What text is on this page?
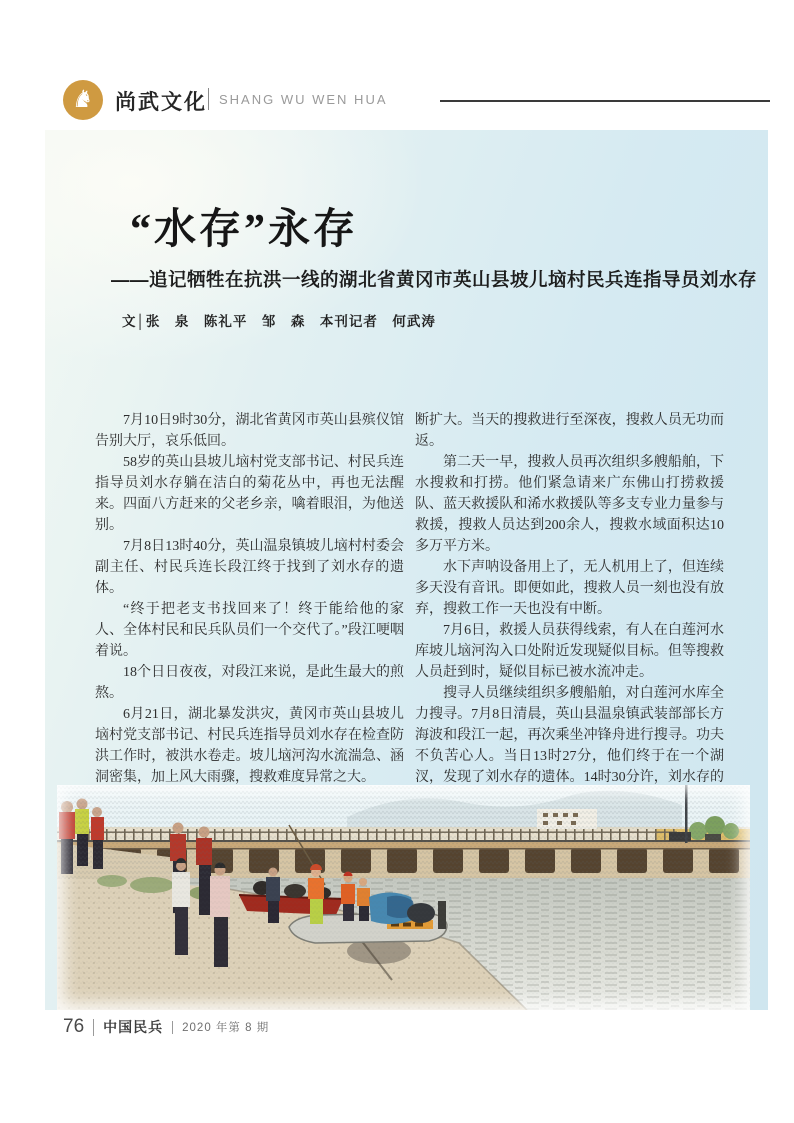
♞ 尚武文化 SHANG WU WEN HUA
“水存”永存
——追记牺牲在抗洪一线的湖北省黄冈市英山县坡儿垴村民兵连指导员刘水存
文│张　泉　陈礼平　邹　森　本刊记者　何武涛

7月10日9时30分，湖北省黄冈市英山县殡仪馆告别大厅，哀乐低回。

58岁的英山县坡儿垴村党支部书记、村民兵连指导员刘水存躺在洁白的菊花丛中，再也无法醒来。四面八方赶来的父老乡亲，噙着眼泪，为他送别。

7月8日13时40分，英山温泉镇坡儿垴村村委会副主任、村民兵连长段江终于找到了刘水存的遗体。

“终于把老支书找回来了！终于能给他的家人、全体村民和民兵队员们一个交代了。”段江哽咽着说。

18个日日夜夜，对段江来说，是此生最大的煎熬。

6月21日，湖北暴发洪灾，黄冈市英山县坡儿垴村党支部书记、村民兵连指导员刘水存在检查防洪工作时，被洪水卷走。坡儿垴河沟水流湍急、涵洞密集，加上风大雨骤，搜救难度异常之大。

断扩大。当天的搜救进行至深夜，搜救人员无功而返。

第二天一早，搜救人员再次组织多艘船舶，下水搜救和打捞。他们紧急请来广东佛山打捞救援队、蓝天救援队和浠水救援队等多支专业力量参与救援，搜救人员达到200余人，搜救水域面积达10多万平方米。

水下声呐设备用上了，无人机用上了，但连续多天没有音讯。即便如此，搜救人员一刻也没有放弃，搜救工作一天也没有中断。

7月6日，救援人员获得线索，有人在白莲河水库坡儿垴河沟入口处附近发现疑似目标。但等搜救人员赶到时，疑似目标已被水流冲走。

搜寻人员继续组织多艘船舶，对白莲河水库全力搜寻。7月8日清晨，英山县温泉镇武装部部长方海波和段江一起，再次乘坐冲锋舟进行搜寻。功夫不负苦心人。当日13时27分，他们终于在一个湖汊，发现了刘水存的遗体。14时30分许，刘水存的

76 中国民兵 2020 年第 8 期
